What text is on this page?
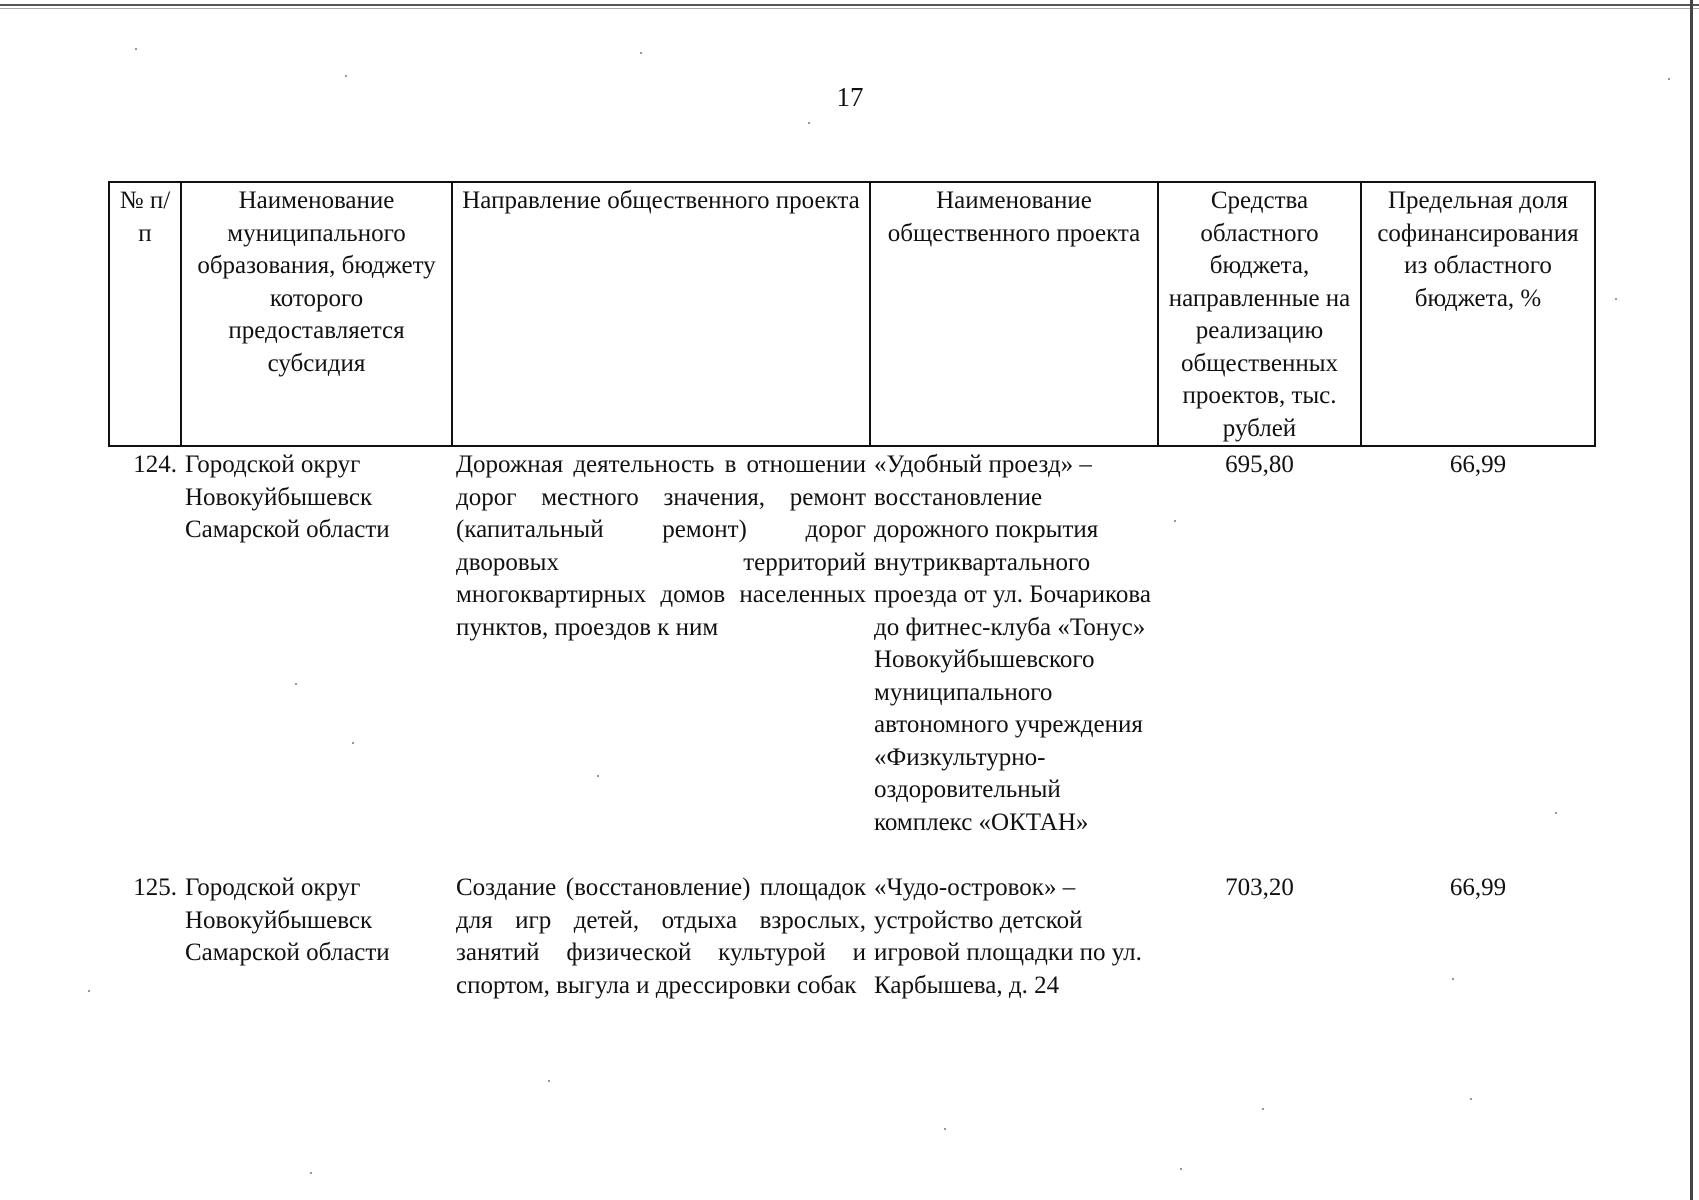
17
№ п/п	Наименование муниципального образования, бюджету которого предоставляется субсидия	Направление общественного проекта	Наименование общественного проекта	Средства областного бюджета, направленные на реализацию общественных проектов, тыс. рублей	Предельная доля софинансирования из областного бюджета, %
124.	Городской округ Новокуйбышевск Самарской области	Дорожная деятельность в отношении дорог местного значения, ремонт (капитальный ремонт) дорог дворовых территорий многоквартирных домов населенных пунктов, проездов к ним	«Удобный проезд» – восстановление дорожного покрытия внутриквартального проезда от ул. Бочарикова до фитнес-клуба «Тонус» Новокуйбышевского муниципального автономного учреждения «Физкультурно-оздоровительный комплекс «ОКТАН»	695,80	66,99
125.	Городской округ Новокуйбышевск Самарской области	Создание (восстановление) площадок для игр детей, отдыха взрослых, занятий физической культурой и спортом, выгула и дрессировки собак	«Чудо-островок» – устройство детской игровой площадки по ул. Карбышева, д. 24	703,20	66,99
